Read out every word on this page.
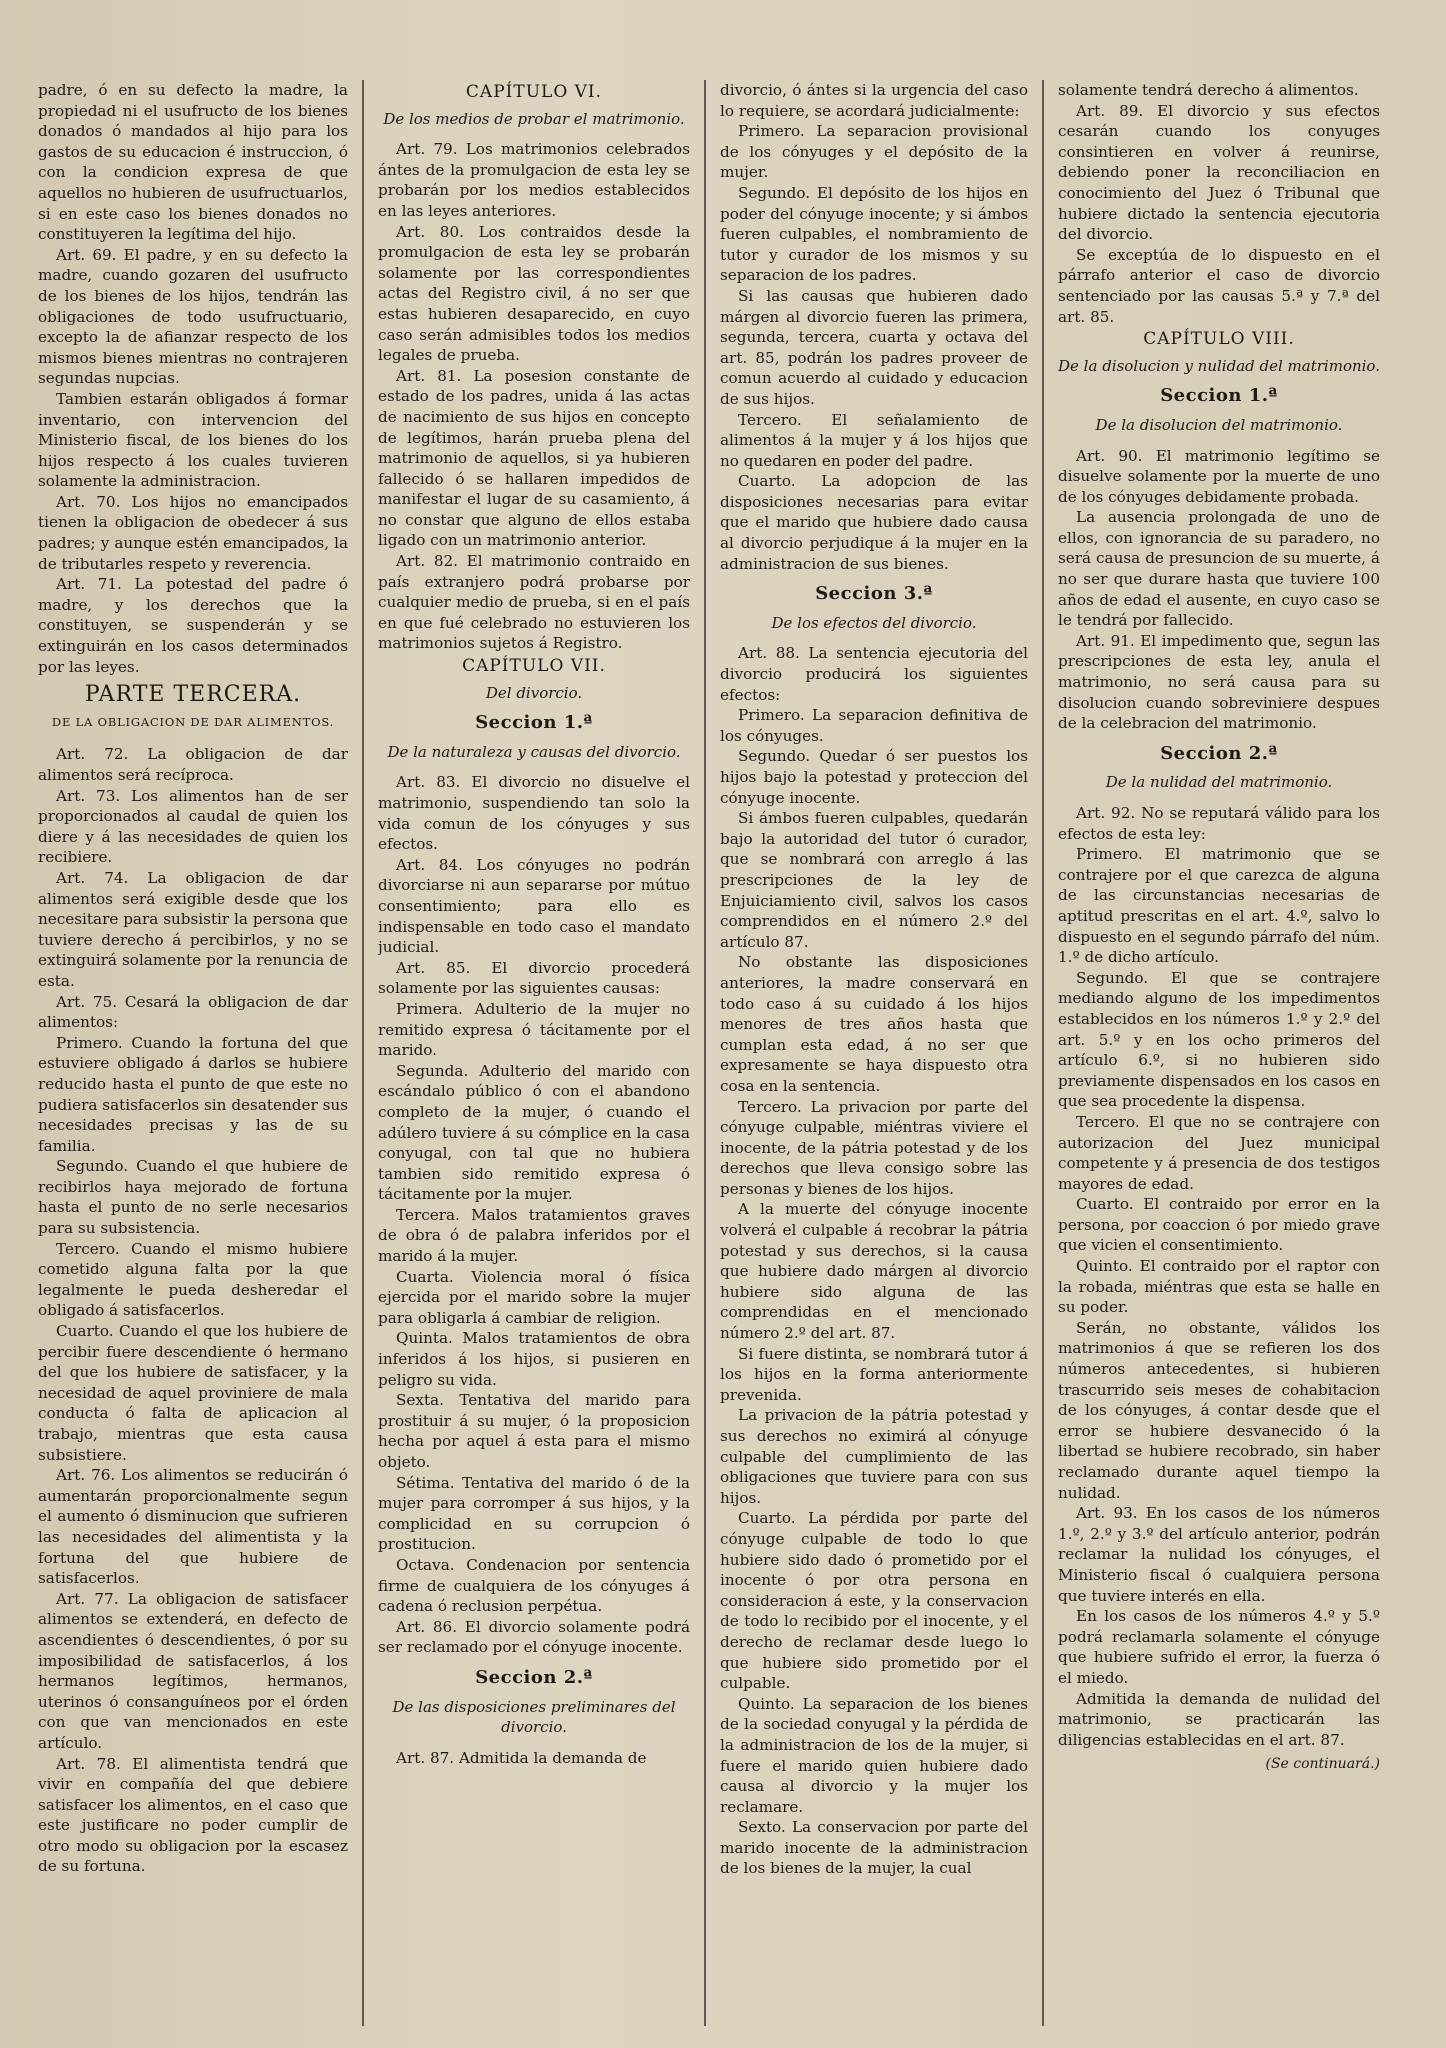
padre, ó en su defecto la madre, la propiedad ni el usufructo de los bienes donados ó mandados al hijo para los gastos de su educacion é instruccion, ó con la condicion expresa de que aquellos no hubieren de usufructuarlos, si en este caso los bienes donados no constituyeren la legítima del hijo.

Art. 69. El padre, y en su defecto la madre, cuando gozaren del usufructo de los bienes de los hijos, tendrán las obligaciones de todo usufructuario, excepto la de afianzar respecto de los mismos bienes mientras no contrajeren segundas nupcias.

Tambien estarán obligados á formar inventario, con intervencion del Ministerio fiscal, de los bienes do los hijos respecto á los cuales tuvieren solamente la administracion.

Art. 70. Los hijos no emancipados tienen la obligacion de obedecer á sus padres; y aunque estén emancipados, la de tributarles respeto y reverencia.

Art. 71. La potestad del padre ó madre, y los derechos que la constituyen, se suspenderán y se extinguirán en los casos determinados por las leyes.

PARTE TERCERA.

DE LA OBLIGACION DE DAR ALIMENTOS.

Art. 72. La obligacion de dar alimentos será recíproca.

Art. 73. Los alimentos han de ser proporcionados al caudal de quien los diere y á las necesidades de quien los recibiere.

Art. 74. La obligacion de dar alimentos será exigible desde que los necesitare para subsistir la persona que tuviere derecho á percibirlos, y no se extinguirá solamente por la renuncia de esta.

Art. 75. Cesará la obligacion de dar alimentos:

Primero. Cuando la fortuna del que estuviere obligado á darlos se hubiere reducido hasta el punto de que este no pudiera satisfacerlos sin desatender sus necesidades precisas y las de su familia.

Segundo. Cuando el que hubiere de recibirlos haya mejorado de fortuna hasta el punto de no serle necesarios para su subsistencia.

Tercero. Cuando el mismo hubiere cometido alguna falta por la que legalmente le pueda desheredar el obligado á satisfacerlos.

Cuarto. Cuando el que los hubiere de percibir fuere descendiente ó hermano del que los hubiere de satisfacer, y la necesidad de aquel proviniere de mala conducta ó falta de aplicacion al trabajo, mientras que esta causa subsistiere.

Art. 76. Los alimentos se reducirán ó aumentarán proporcionalmente segun el aumento ó disminucion que sufrieren las necesidades del alimentista y la fortuna del que hubiere de satisfacerlos.

Art. 77. La obligacion de satisfacer alimentos se extenderá, en defecto de ascendientes ó descendientes, ó por su imposibilidad de satisfacerlos, á los hermanos legítimos, hermanos, uterinos ó consanguíneos por el órden con que van mencionados en este artículo.

Art. 78. El alimentista tendrá que vivir en compañía del que debiere satisfacer los alimentos, en el caso que este justificare no poder cumplir de otro modo su obligacion por la escasez de su fortuna.

CAPÍTULO VI.

De los medios de probar el matrimonio.

Art. 79. Los matrimonios celebrados ántes de la promulgacion de esta ley se probarán por los medios establecidos en las leyes anteriores.

Art. 80. Los contraidos desde la promulgacion de esta ley se probarán solamente por las correspondientes actas del Registro civil, á no ser que estas hubieren desaparecido, en cuyo caso serán admisibles todos los medios legales de prueba.

Art. 81. La posesion constante de estado de los padres, unida á las actas de nacimiento de sus hijos en concepto de legítimos, harán prueba plena del matrimonio de aquellos, si ya hubieren fallecido ó se hallaren impedidos de manifestar el lugar de su casamiento, á no constar que alguno de ellos estaba ligado con un matrimonio anterior.

Art. 82. El matrimonio contraido en país extranjero podrá probarse por cualquier medio de prueba, si en el país en que fué celebrado no estuvieren los matrimonios sujetos á Registro.

CAPÍTULO VII.

Del divorcio.

Seccion 1.ª

De la naturaleza y causas del divorcio.

Art. 83. El divorcio no disuelve el matrimonio, suspendiendo tan solo la vida comun de los cónyuges y sus efectos.

Art. 84. Los cónyuges no podrán divorciarse ni aun separarse por mútuo consentimiento; para ello es indispensable en todo caso el mandato judicial.

Art. 85. El divorcio procederá solamente por las siguientes causas:

Primera. Adulterio de la mujer no remitido expresa ó tácitamente por el marido.

Segunda. Adulterio del marido con escándalo público ó con el abandono completo de la mujer, ó cuando el adúlero tuviere á su cómplice en la casa conyugal, con tal que no hubiera tambien sido remitido expresa ó tácitamente por la mujer.

Tercera. Malos tratamientos graves de obra ó de palabra inferidos por el marido á la mujer.

Cuarta. Violencia moral ó física ejercida por el marido sobre la mujer para obligarla á cambiar de religion.

Quinta. Malos tratamientos de obra inferidos á los hijos, si pusieren en peligro su vida.

Sexta. Tentativa del marido para prostituir á su mujer, ó la proposicion hecha por aquel á esta para el mismo objeto.

Sétima. Tentativa del marido ó de la mujer para corromper á sus hijos, y la complicidad en su corrupcion ó prostitucion.

Octava. Condenacion por sentencia firme de cualquiera de los cónyuges á cadena ó reclusion perpétua.

Art. 86. El divorcio solamente podrá ser reclamado por el cónyuge inocente.

Seccion 2.ª

De las disposiciones preliminares del divorcio.

Art. 87. Admitida la demanda de

divorcio, ó ántes si la urgencia del caso lo requiere, se acordará judicialmente:

Primero. La separacion provisional de los cónyuges y el depósito de la mujer.

Segundo. El depósito de los hijos en poder del cónyuge inocente; y si ámbos fueren culpables, el nombramiento de tutor y curador de los mismos y su separacion de los padres.

Si las causas que hubieren dado márgen al divorcio fueren las primera, segunda, tercera, cuarta y octava del art. 85, podrán los padres proveer de comun acuerdo al cuidado y educacion de sus hijos.

Tercero. El señalamiento de alimentos á la mujer y á los hijos que no quedaren en poder del padre.

Cuarto. La adopcion de las disposiciones necesarias para evitar que el marido que hubiere dado causa al divorcio perjudique á la mujer en la administracion de sus bienes.

Seccion 3.ª

De los efectos del divorcio.

Art. 88. La sentencia ejecutoria del divorcio producirá los siguientes efectos:

Primero. La separacion definitiva de los cónyuges.

Segundo. Quedar ó ser puestos los hijos bajo la potestad y proteccion del cónyuge inocente.

Si ámbos fueren culpables, quedarán bajo la autoridad del tutor ó curador, que se nombrará con arreglo á las prescripciones de la ley de Enjuiciamiento civil, salvos los casos comprendidos en el número 2.º del artículo 87.

No obstante las disposiciones anteriores, la madre conservará en todo caso á su cuidado á los hijos menores de tres años hasta que cumplan esta edad, á no ser que expresamente se haya dispuesto otra cosa en la sentencia.

Tercero. La privacion por parte del cónyuge culpable, miéntras viviere el inocente, de la pátria potestad y de los derechos que lleva consigo sobre las personas y bienes de los hijos.

A la muerte del cónyuge inocente volverá el culpable á recobrar la pátria potestad y sus derechos, si la causa que hubiere dado márgen al divorcio hubiere sido alguna de las comprendidas en el mencionado número 2.º del art. 87.

Si fuere distinta, se nombrará tutor á los hijos en la forma anteriormente prevenida.

La privacion de la pátria potestad y sus derechos no eximirá al cónyuge culpable del cumplimiento de las obligaciones que tuviere para con sus hijos.

Cuarto. La pérdida por parte del cónyuge culpable de todo lo que hubiere sido dado ó prometido por el inocente ó por otra persona en consideracion á este, y la conservacion de todo lo recibido por el inocente, y el derecho de reclamar desde luego lo que hubiere sido prometido por el culpable.

Quinto. La separacion de los bienes de la sociedad conyugal y la pérdida de la administracion de los de la mujer, si fuere el marido quien hubiere dado causa al divorcio y la mujer los reclamare.

Sexto. La conservacion por parte del marido inocente de la administracion de los bienes de la mujer, la cual

solamente tendrá derecho á alimentos.

Art. 89. El divorcio y sus efectos cesarán cuando los conyuges consintieren en volver á reunirse, debiendo poner la reconciliacion en conocimiento del Juez ó Tribunal que hubiere dictado la sentencia ejecutoria del divorcio.

Se exceptúa de lo dispuesto en el párrafo anterior el caso de divorcio sentenciado por las causas 5.ª y 7.ª del art. 85.

CAPÍTULO VIII.

De la disolucion y nulidad del matrimonio.

Seccion 1.ª

De la disolucion del matrimonio.

Art. 90. El matrimonio legítimo se disuelve solamente por la muerte de uno de los cónyuges debidamente probada.

La ausencia prolongada de uno de ellos, con ignorancia de su paradero, no será causa de presuncion de su muerte, á no ser que durare hasta que tuviere 100 años de edad el ausente, en cuyo caso se le tendrá por fallecido.

Art. 91. El impedimento que, segun las prescripciones de esta ley, anula el matrimonio, no será causa para su disolucion cuando sobreviniere despues de la celebracion del matrimonio.

Seccion 2.ª

De la nulidad del matrimonio.

Art. 92. No se reputará válido para los efectos de esta ley:

Primero. El matrimonio que se contrajere por el que carezca de alguna de las circunstancias necesarias de aptitud prescritas en el art. 4.º, salvo lo dispuesto en el segundo párrafo del núm. 1.º de dicho artículo.

Segundo. El que se contrajere mediando alguno de los impedimentos establecidos en los números 1.º y 2.º del art. 5.º y en los ocho primeros del artículo 6.º, si no hubieren sido previamente dispensados en los casos en que sea procedente la dispensa.

Tercero. El que no se contrajere con autorizacion del Juez municipal competente y á presencia de dos testigos mayores de edad.

Cuarto. El contraido por error en la persona, por coaccion ó por miedo grave que vicien el consentimiento.

Quinto. El contraido por el raptor con la robada, miéntras que esta se halle en su poder.

Serán, no obstante, válidos los matrimonios á que se refieren los dos números antecedentes, si hubieren trascurrido seis meses de cohabitacion de los cónyuges, á contar desde que el error se hubiere desvanecido ó la libertad se hubiere recobrado, sin haber reclamado durante aquel tiempo la nulidad.

Art. 93. En los casos de los números 1.º, 2.º y 3.º del artículo anterior, podrán reclamar la nulidad los cónyuges, el Ministerio fiscal ó cualquiera persona que tuviere interés en ella.

En los casos de los números 4.º y 5.º podrá reclamarla solamente el cónyuge que hubiere sufrido el error, la fuerza ó el miedo.

Admitida la demanda de nulidad del matrimonio, se practicarán las diligencias establecidas en el art. 87.

(Se continuará.)
